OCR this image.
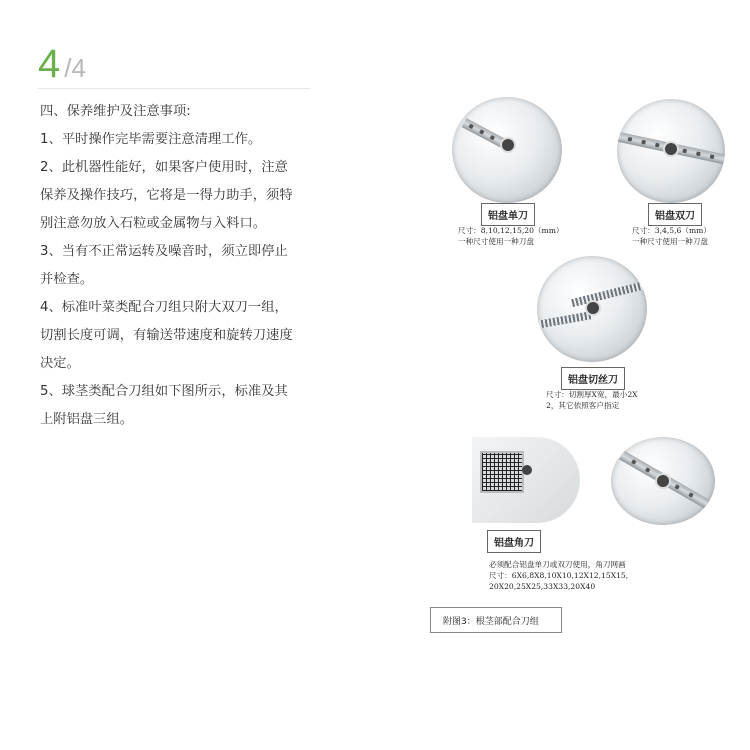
4 /4

四、保养维护及注意事项:

1、平时操作完毕需要注意清理工作。

2、此机器性能好，如果客户使用时，注意

保养及操作技巧，它将是一得力助手，须特

别注意勿放入石粒或金属物与入料口。

3、当有不正常运转及噪音时，须立即停止

并检查。

4、标准叶菜类配合刀组只附大双刀一组，

切割长度可调，有输送带速度和旋转刀速度

决定。

5、球茎类配合刀组如下图所示，标准及其

上附铝盘三组。

铝盘单刀
尺寸：8,10,12,15,20（mm）
一种尺寸使用一种刀盘
铝盘双刀
尺寸：3,4,5,6（mm）
一种尺寸使用一种刀盘
铝盘切丝刀
尺寸：切割厚X宽，最小2X
2，其它依照客户指定
铝盘角刀
必须配合铝盘单刀或双刀使用，角刀网画
尺寸：6X6,8X8,10X10,12X12,15X15,
20X20,25X25,33X33,20X40
附图3：根茎部配合刀组
